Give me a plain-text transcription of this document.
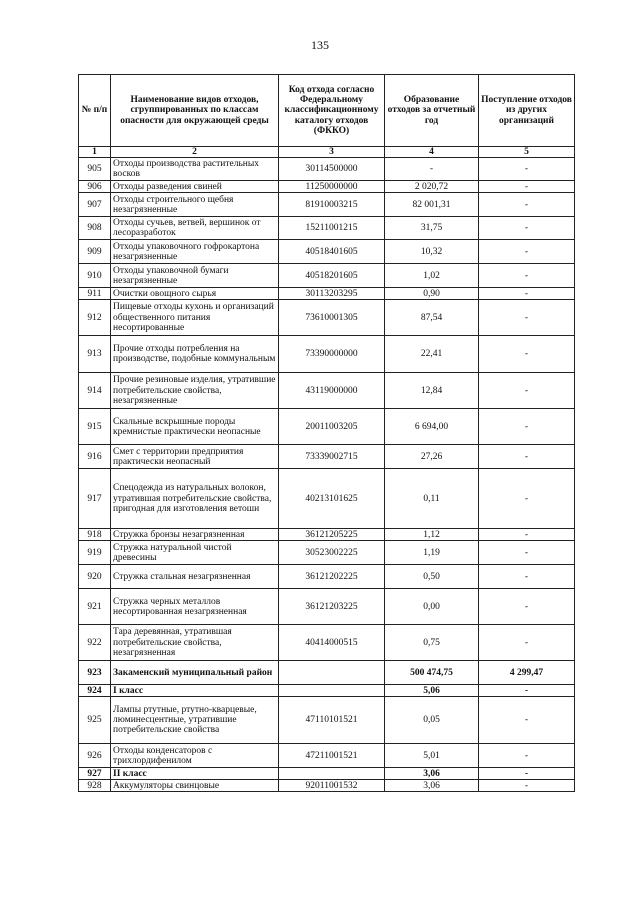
135
№ п/п	Наименование видов отходов, сгруппированных по классам опасности для окружающей среды	Код отхода согласно Федеральному классификационному каталогу отходов (ФККО)	Образование отходов за отчетный год	Поступление отходов из других организаций
1	2	3	4	5
905	Отходы производства растительных восков	30114500000	-	-
906	Отходы разведения свиней	11250000000	2 020,72	-
907	Отходы строительного щебня незагрязненные	81910003215	82 001,31	-
908	Отходы сучьев, ветвей, вершинок от лесоразработок	15211001215	31,75	-
909	Отходы упаковочного гофрокартона незагрязненные	40518401605	10,32	-
910	Отходы упаковочной бумаги незагрязненные	40518201605	1,02	-
911	Очистки овощного сырья	30113203295	0,90	-
912	Пищевые отходы кухонь и организаций общественного питания несортированные	73610001305	87,54	-
913	Прочие отходы потребления на производстве, подобные коммунальным	73390000000	22,41	-
914	Прочие резиновые изделия, утратившие потребительские свойства, незагрязненные	43119000000	12,84	-
915	Скальные вскрышные породы кремнистые практически неопасные	20011003205	6 694,00	-
916	Смет с территории предприятия практически неопасный	73339002715	27,26	-
917	Спецодежда из натуральных волокон, утратившая потребительские свойства, пригодная для изготовления ветоши	40213101625	0,11	-
918	Стружка бронзы незагрязненная	36121205225	1,12	-
919	Стружка натуральной чистой древесины	30523002225	1,19	-
920	Стружка стальная незагрязненная	36121202225	0,50	-
921	Стружка черных металлов несортированная незагрязненная	36121203225	0,00	-
922	Тара деревянная, утратившая потребительские свойства, незагрязненная	40414000515	0,75	-
923	Закаменский муниципальный район		500 474,75	4 299,47
924	I класс		5,06	-
925	Лампы ртутные, ртутно-кварцевые, люминесцентные, утратившие потребительские свойства	47110101521	0,05	-
926	Отходы конденсаторов с трихлордифенилом	47211001521	5,01	-
927	II класс		3,06	-
928	Аккумуляторы свинцовые	92011001532	3,06	-
